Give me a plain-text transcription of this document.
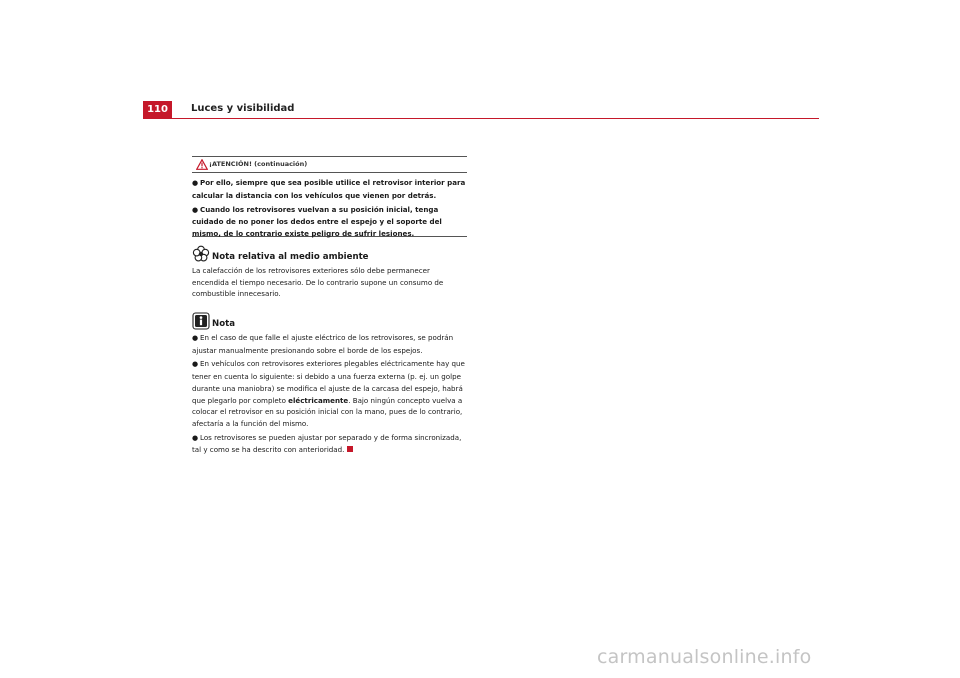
110	Luces y visibilidad
¡ATENCIÓN! (continuación)

● Por ello, siempre que sea posible utilice el retrovisor interior para calcular la distancia con los vehículos que vienen por detrás.

● Cuando los retrovisores vuelvan a su posición inicial, tenga cuidado de no poner los dedos entre el espejo y el soporte del mismo, de lo contrario existe peligro de sufrir lesiones.

Nota relativa al medio ambiente

La calefacción de los retrovisores exteriores sólo debe permanecer encendida el tiempo necesario. De lo contrario supone un consumo de combustible innecesario.

Nota

● En el caso de que falle el ajuste eléctrico de los retrovisores, se podrán ajustar manualmente presionando sobre el borde de los espejos.

● En vehículos con retrovisores exteriores plegables eléctricamente hay que tener en cuenta lo siguiente: si debido a una fuerza externa (p. ej. un golpe durante una maniobra) se modifica el ajuste de la carcasa del espejo, habrá que plegarlo por completo eléctricamente. Bajo ningún concepto vuelva a colocar el retrovisor en su posición inicial con la mano, pues de lo contrario, afectaría a la función del mismo.

● Los retrovisores se pueden ajustar por separado y de forma sincronizada, tal y como se ha descrito con anterioridad.

carmanualsonline.info
